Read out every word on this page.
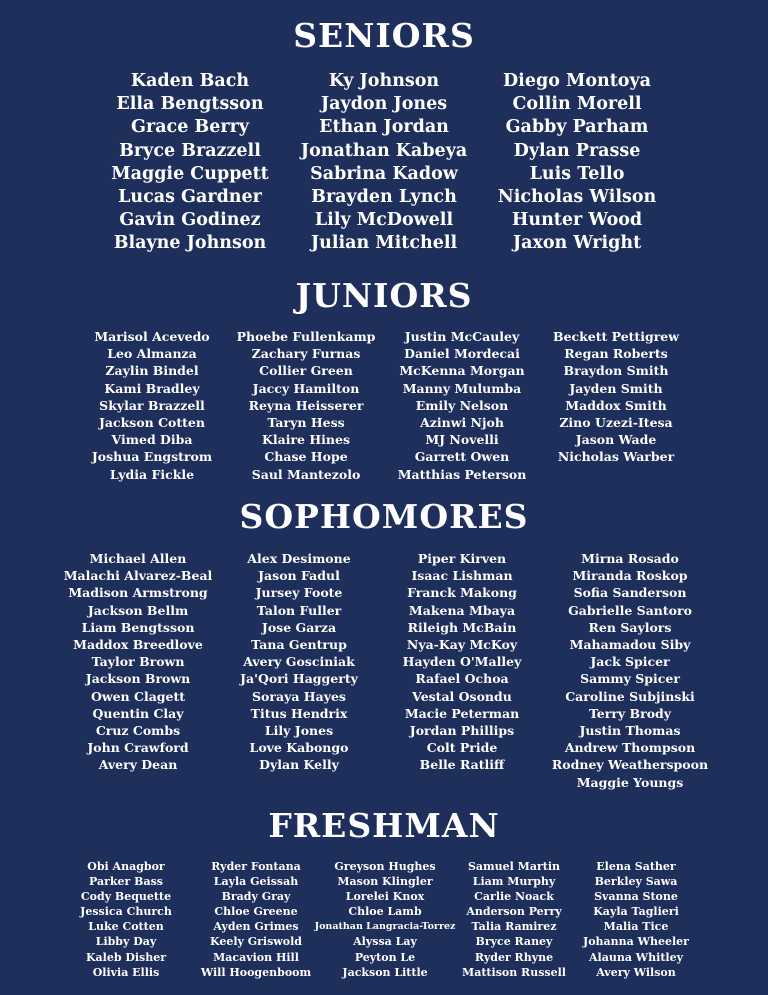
SENIORS
Kaden Bach
Ella Bengtsson
Grace Berry
Bryce Brazzell
Maggie Cuppett
Lucas Gardner
Gavin Godinez
Blayne Johnson
Ky Johnson
Jaydon Jones
Ethan Jordan
Jonathan Kabeya
Sabrina Kadow
Brayden Lynch
Lily McDowell
Julian Mitchell
Diego Montoya
Collin Morell
Gabby Parham
Dylan Prasse
Luis Tello
Nicholas Wilson
Hunter Wood
Jaxon Wright
JUNIORS
Marisol Acevedo
Leo Almanza
Zaylin Bindel
Kami Bradley
Skylar Brazzell
Jackson Cotten
Vimed Diba
Joshua Engstrom
Lydia Fickle
Phoebe Fullenkamp
Zachary Furnas
Collier Green
Jaccy Hamilton
Reyna Heisserer
Taryn Hess
Klaire Hines
Chase Hope
Saul Mantezolo
Justin McCauley
Daniel Mordecai
McKenna Morgan
Manny Mulumba
Emily Nelson
Azinwi Njoh
MJ Novelli
Garrett Owen
Matthias Peterson
Beckett Pettigrew
Regan Roberts
Braydon Smith
Jayden Smith
Maddox Smith
Zino Uzezi-Itesa
Jason Wade
Nicholas Warber
SOPHOMORES
Michael Allen
Malachi Alvarez-Beal
Madison Armstrong
Jackson Bellm
Liam Bengtsson
Maddox Breedlove
Taylor Brown
Jackson Brown
Owen Clagett
Quentin Clay
Cruz Combs
John Crawford
Avery Dean
Alex Desimone
Jason Fadul
Jursey Foote
Talon Fuller
Jose Garza
Tana Gentrup
Avery Gosciniak
Ja'Qori Haggerty
Soraya Hayes
Titus Hendrix
Lily Jones
Love Kabongo
Dylan Kelly
Piper Kirven
Isaac Lishman
Franck Makong
Makena Mbaya
Rileigh McBain
Nya-Kay McKoy
Hayden O'Malley
Rafael Ochoa
Vestal Osondu
Macie Peterman
Jordan Phillips
Colt Pride
Belle Ratliff
Mirna Rosado
Miranda Roskop
Sofia Sanderson
Gabrielle Santoro
Ren Saylors
Mahamadou Siby
Jack Spicer
Sammy Spicer
Caroline Subjinski
Terry Brody
Justin Thomas
Andrew Thompson
Rodney Weatherspoon
Maggie Youngs
FRESHMAN
Obi Anagbor
Parker Bass
Cody Bequette
Jessica Church
Luke Cotten
Libby Day
Kaleb Disher
Olivia Ellis
Ryder Fontana
Layla Geissah
Brady Gray
Chloe Greene
Ayden Grimes
Keely Griswold
Macavion Hill
Will Hoogenboom
Greyson Hughes
Mason Klingler
Lorelei Knox
Chloe Lamb
Jonathan Langracia-Torrez
Alyssa Lay
Peyton Le
Jackson Little
Samuel Martin
Liam Murphy
Carlie Noack
Anderson Perry
Talia Ramirez
Bryce Raney
Ryder Rhyne
Mattison Russell
Elena Sather
Berkley Sawa
Svanna Stone
Kayla Taglieri
Malia Tice
Johanna Wheeler
Alauna Whitley
Avery Wilson
